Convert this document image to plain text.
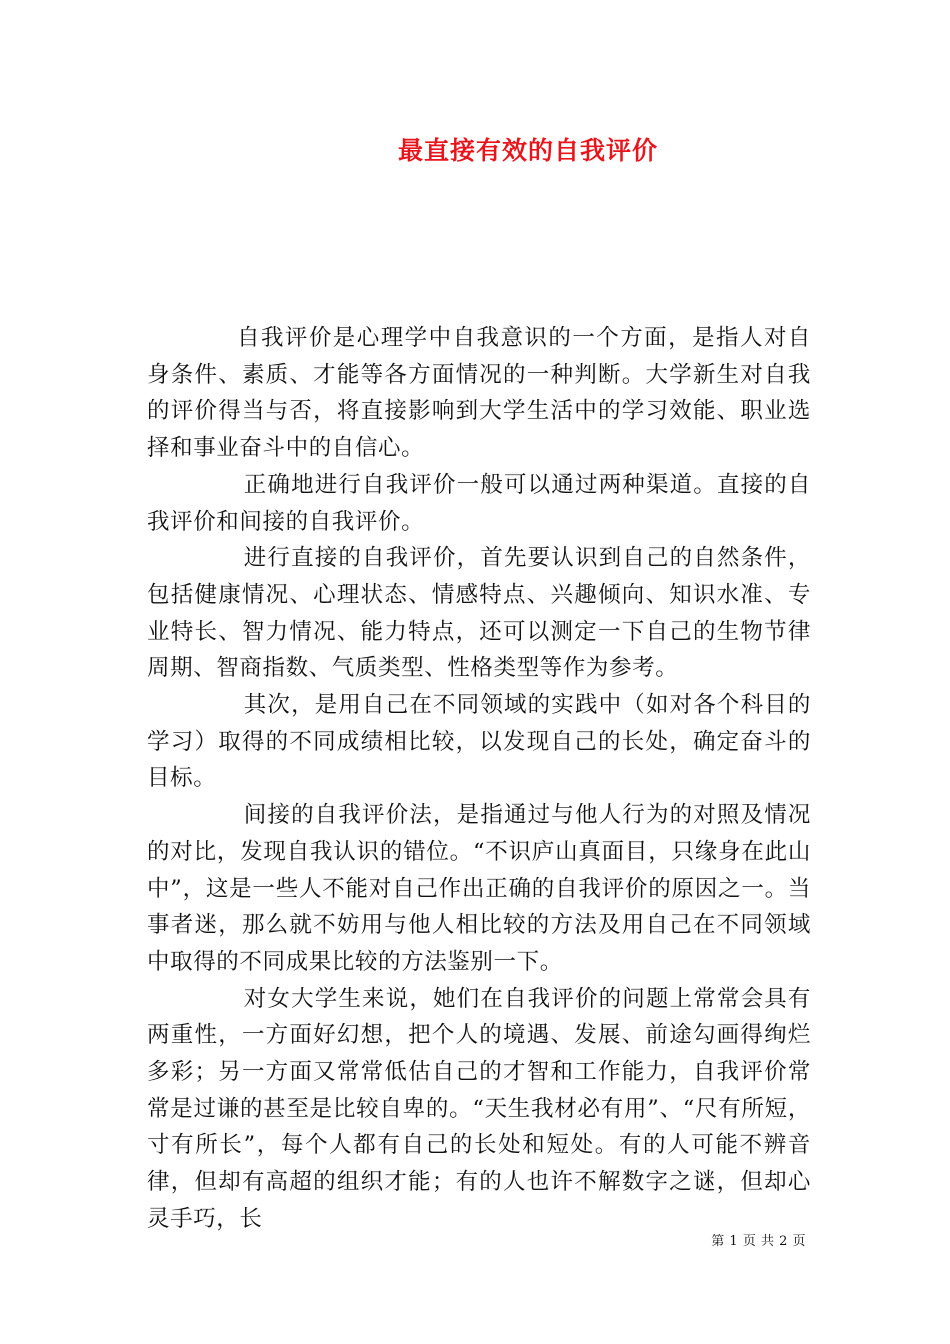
最直接有效的自我评价

自我评价是心理学中自我意识的一个方面，是指人对自身条件、素质、才能等各方面情况的一种判断。大学新生对自我的评价得当与否，将直接影响到大学生活中的学习效能、职业选择和事业奋斗中的自信心。

正确地进行自我评价一般可以通过两种渠道。直接的自我评价和间接的自我评价。

进行直接的自我评价，首先要认识到自己的自然条件，包括健康情况、心理状态、情感特点、兴趣倾向、知识水准、专业特长、智力情况、能力特点，还可以测定一下自己的生物节律周期、智商指数、气质类型、性格类型等作为参考。

其次，是用自己在不同领域的实践中（如对各个科目的学习）取得的不同成绩相比较，以发现自己的长处，确定奋斗的目标。

间接的自我评价法，是指通过与他人行为的对照及情况的对比，发现自我认识的错位。“不识庐山真面目，只缘身在此山中”，这是一些人不能对自己作出正确的自我评价的原因之一。当事者迷，那么就不妨用与他人相比较的方法及用自己在不同领域中取得的不同成果比较的方法鉴别一下。

对女大学生来说，她们在自我评价的问题上常常会具有两重性，一方面好幻想，把个人的境遇、发展、前途勾画得绚烂多彩；另一方面又常常低估自己的才智和工作能力，自我评价常常是过谦的甚至是比较自卑的。“天生我材必有用”、“尺有所短，寸有所长”，每个人都有自己的长处和短处。有的人可能不辨音律，但却有高超的组织才能；有的人也许不解数字之谜，但却心灵手巧，长

第 1 页 共 2 页
